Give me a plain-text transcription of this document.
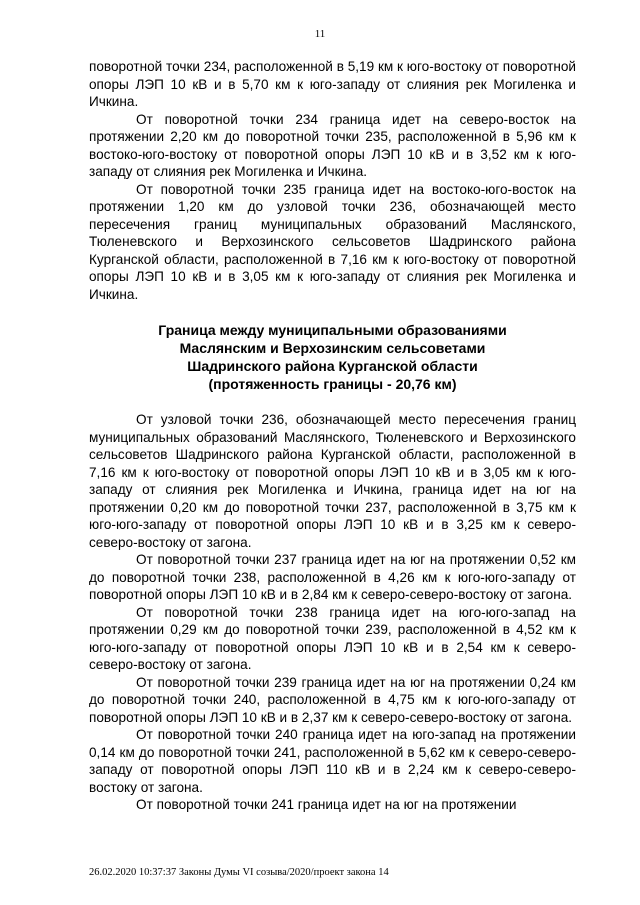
11

поворотной точки 234, расположенной в 5,19 км к юго-востоку от поворотной опоры ЛЭП 10 кВ и в 5,70 км к юго-западу от слияния рек Могиленка и Ичкина.

От поворотной точки 234 граница идет на северо-восток на протяжении 2,20 км до поворотной точки 235, расположенной в 5,96 км к востоко-юго-востоку от поворотной опоры ЛЭП 10 кВ и в 3,52 км к юго-западу от слияния рек Могиленка и Ичкина.

От поворотной точки 235 граница идет на востоко-юго-восток на протяжении 1,20 км до узловой точки 236, обозначающей место пересечения границ муниципальных образований Маслянского, Тюленевского и Верхозинского сельсоветов Шадринского района Курганской области, расположенной в 7,16 км к юго-востоку от поворотной опоры ЛЭП 10 кВ и в 3,05 км к юго-западу от слияния рек Могиленка и Ичкина.

Граница между муниципальными образованиями
Маслянским и Верхозинским сельсоветами
Шадринского района Курганской области
(протяженность границы - 20,76 км)

От узловой точки 236, обозначающей место пересечения границ муниципальных образований Маслянского, Тюленевского и Верхозинского сельсоветов Шадринского района Курганской области, расположенной в 7,16 км к юго-востоку от поворотной опоры ЛЭП 10 кВ и в 3,05 км к юго-западу от слияния рек Могиленка и Ичкина, граница идет на юг на протяжении 0,20 км до поворотной точки 237, расположенной в 3,75 км к юго-юго-западу от поворотной опоры ЛЭП 10 кВ и в 3,25 км к северо-северо-востоку от загона.

От поворотной точки 237 граница идет на юг на протяжении 0,52 км до поворотной точки 238, расположенной в 4,26 км к юго-юго-западу от поворотной опоры ЛЭП 10 кВ и в 2,84 км к северо-северо-востоку от загона.

От поворотной точки 238 граница идет на юго-юго-запад на протяжении 0,29 км до поворотной точки 239, расположенной в 4,52 км к юго-юго-западу от поворотной опоры ЛЭП 10 кВ и в 2,54 км к северо-северо-востоку от загона.

От поворотной точки 239 граница идет на юг на протяжении 0,24 км до поворотной точки 240, расположенной в 4,75 км к юго-юго-западу от поворотной опоры ЛЭП 10 кВ и в 2,37 км к северо-северо-востоку от загона.

От поворотной точки 240 граница идет на юго-запад на протяжении 0,14 км до поворотной точки 241, расположенной в 5,62 км к северо-северо-западу от поворотной опоры ЛЭП 110 кВ и в 2,24 км к северо-северо-востоку от загона.

От поворотной точки 241 граница идет на юг на протяжении

26.02.2020 10:37:37 Законы Думы VI созыва/2020/проект закона 14
